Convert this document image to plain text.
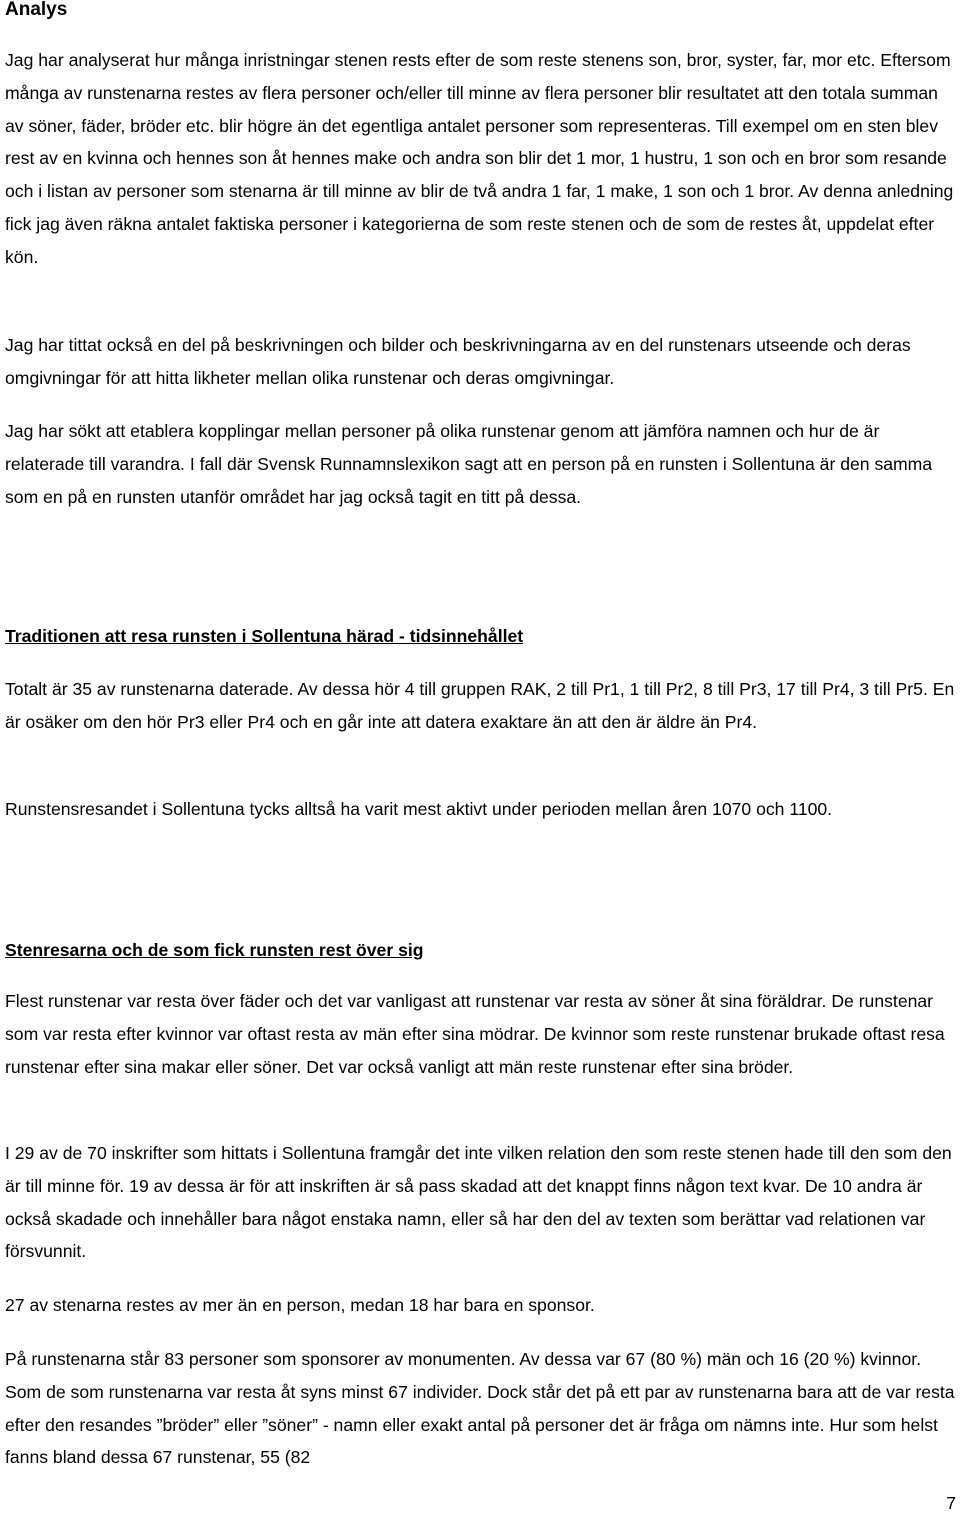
Analys

Jag har analyserat hur många inristningar stenen rests efter de som reste stenens son, bror, syster, far, mor etc. Eftersom många av runstenarna restes av flera personer och/eller till minne av flera personer blir resultatet att den totala summan av söner, fäder, bröder etc. blir högre än det egentliga antalet personer som representeras. Till exempel om en sten blev rest av en kvinna och hennes son åt hennes make och andra son blir det 1 mor, 1 hustru, 1 son och en bror som resande och i listan av personer som stenarna är till minne av blir de två andra 1 far, 1 make, 1 son och 1 bror. Av denna anledning fick jag även räkna antalet faktiska personer i kategorierna de som reste stenen och de som de restes åt, uppdelat efter kön.

Jag har tittat också en del på beskrivningen och bilder och beskrivningarna av en del runstenars utseende och deras omgivningar för att hitta likheter mellan olika runstenar och deras omgivningar.

Jag har sökt att etablera kopplingar mellan personer på olika runstenar genom att jämföra namnen och hur de är relaterade till varandra. I fall där Svensk Runnamnslexikon sagt att en person på en runsten i Sollentuna är den samma som en på en runsten utanför området har jag också tagit en titt på dessa.

Traditionen att resa runsten i Sollentuna härad - tidsinnehållet

Totalt är 35 av runstenarna daterade. Av dessa hör 4 till gruppen RAK, 2 till Pr1, 1 till Pr2, 8 till Pr3, 17 till Pr4, 3 till Pr5. En är osäker om den hör Pr3 eller Pr4 och en går inte att datera exaktare än att den är äldre än Pr4.

Runstensresandet i Sollentuna tycks alltså ha varit mest aktivt under perioden mellan åren 1070 och 1100.

Stenresarna och de som fick runsten rest över sig

Flest runstenar var resta över fäder och det var vanligast att runstenar var resta av söner åt sina föräldrar. De runstenar som var resta efter kvinnor var oftast resta av män efter sina mödrar. De kvinnor som reste runstenar brukade oftast resa runstenar efter sina makar eller söner. Det var också vanligt att män reste runstenar efter sina bröder.

I 29 av de 70 inskrifter som hittats i Sollentuna framgår det inte vilken relation den som reste stenen hade till den som den är till minne för. 19 av dessa är för att inskriften är så pass skadad att det knappt finns någon text kvar. De 10 andra är också skadade och innehåller bara något enstaka namn, eller så har den del av texten som berättar vad relationen var försvunnit.

27 av stenarna restes av mer än en person, medan 18 har bara en sponsor.

På runstenarna står 83 personer som sponsorer av monumenten. Av dessa var 67 (80 %) män och 16 (20 %) kvinnor. Som de som runstenarna var resta åt syns minst 67 individer. Dock står det på ett par av runstenarna bara att de var resta efter den resandes ”bröder” eller ”söner” - namn eller exakt antal på personer det är fråga om nämns inte. Hur som helst fanns bland dessa 67 runstenar, 55 (82

7
